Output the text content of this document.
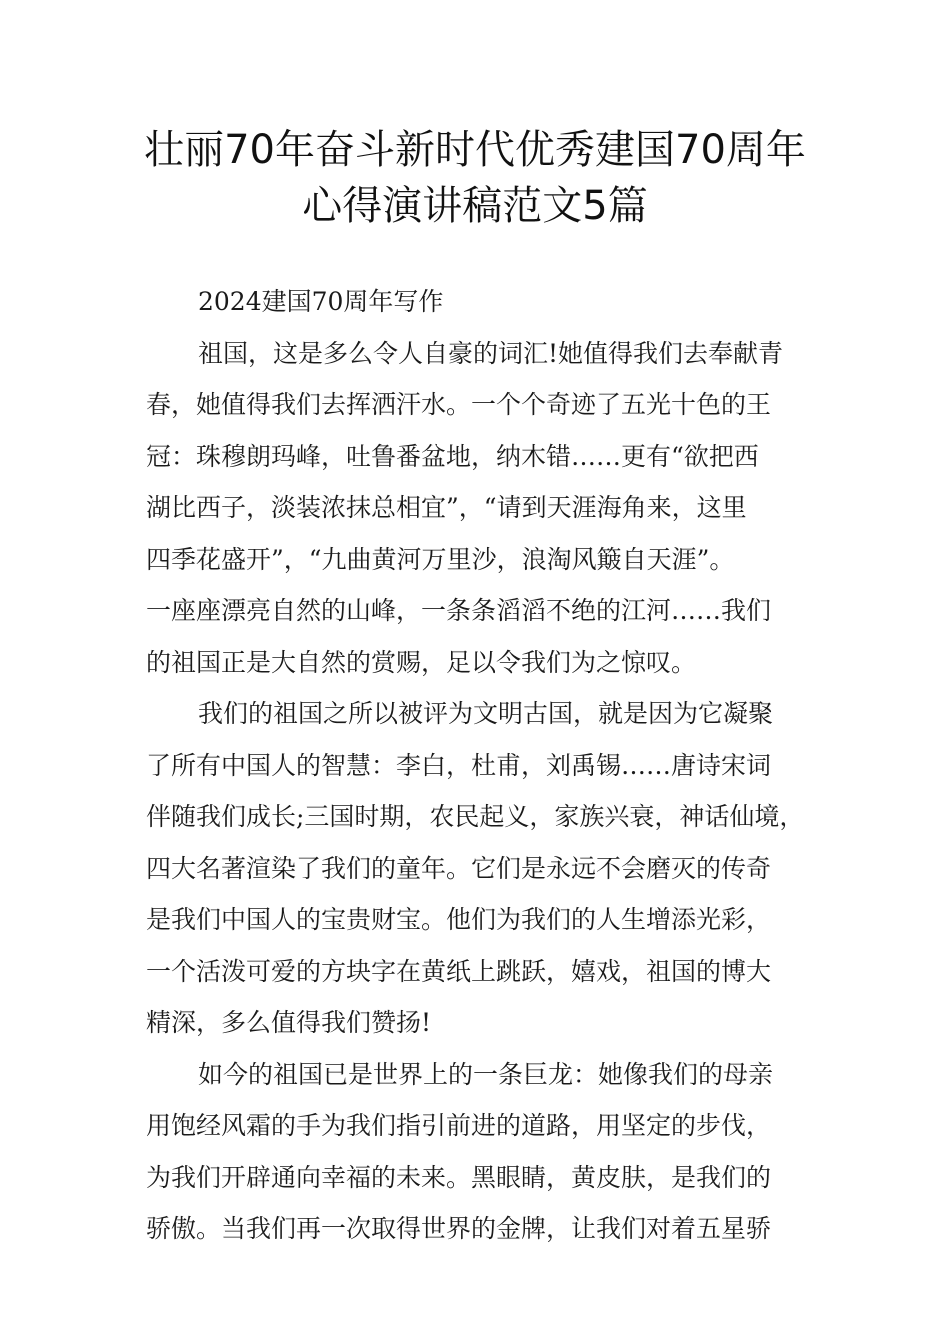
壮丽70年奋斗新时代优秀建国70周年
心得演讲稿范文5篇
2024建国70周年写作
祖国，这是多么令人自豪的词汇!她值得我们去奉献青
春，她值得我们去挥洒汗水。一个个奇迹了五光十色的王
冠：珠穆朗玛峰，吐鲁番盆地，纳木错……更有“欲把西
湖比西子，淡装浓抹总相宜”，“请到天涯海角来，这里
四季花盛开”，“九曲黄河万里沙，浪淘风簸自天涯”。
一座座漂亮自然的山峰，一条条滔滔不绝的江河……我们
的祖国正是大自然的赏赐，足以令我们为之惊叹。
我们的祖国之所以被评为文明古国，就是因为它凝聚
了所有中国人的智慧：李白，杜甫，刘禹锡……唐诗宋词
伴随我们成长;三国时期，农民起义，家族兴衰，神话仙境，
四大名著渲染了我们的童年。它们是永远不会磨灭的传奇
是我们中国人的宝贵财宝。他们为我们的人生增添光彩，
一个活泼可爱的方块字在黄纸上跳跃，嬉戏，祖国的博大
精深，多么值得我们赞扬!
如今的祖国已是世界上的一条巨龙：她像我们的母亲
用饱经风霜的手为我们指引前进的道路，用坚定的步伐，
为我们开辟通向幸福的未来。黑眼睛，黄皮肤，是我们的
骄傲。当我们再一次取得世界的金牌，让我们对着五星骄
